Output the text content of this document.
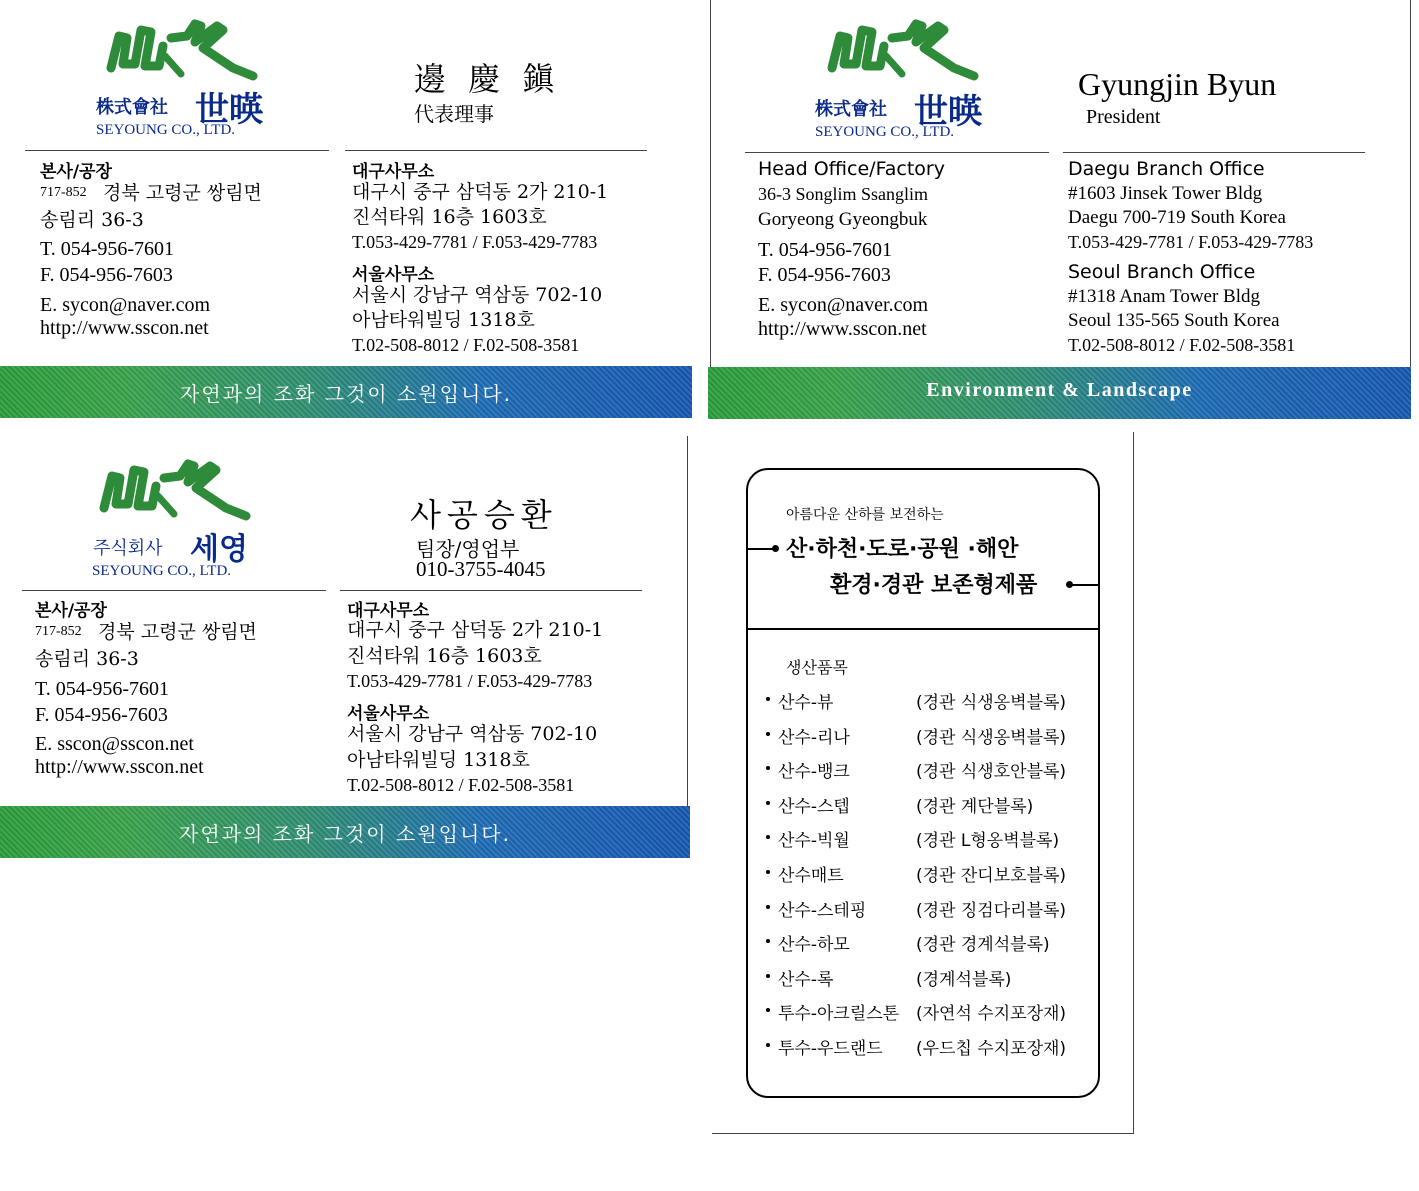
株式會社 世暎
SEYOUNG CO., LTD.
邊 慶 鎭
代表理事
본사/공장
717-852 경북 고령군 쌍림면
송림리 36-3
T. 054-956-7601
F. 054-956-7603
E. sycon@naver.com
http://www.sscon.net
대구사무소
대구시 중구 삼덕동 2가 210-1
진석타워 16층 1603호
T.053-429-7781 / F.053-429-7783
서울사무소
서울시 강남구 역삼동 702-10
아남타워빌딩 1318호
T.02-508-8012 / F.02-508-3581
자연과의 조화 그것이 소원입니다.
株式會社 世暎
SEYOUNG CO., LTD.
Gyungjin Byun
President
Head Office/Factory
36-3 Songlim Ssanglim
Goryeong Gyeongbuk
T. 054-956-7601
F. 054-956-7603
E. sycon@naver.com
http://www.sscon.net
Daegu Branch Office
#1603 Jinsek Tower Bldg
Daegu 700-719 South Korea
T.053-429-7781 / F.053-429-7783
Seoul Branch Office
#1318 Anam Tower Bldg
Seoul 135-565 South Korea
T.02-508-8012 / F.02-508-3581
Environment & Landscape
주식회사 세영
SEYOUNG CO., LTD.
사공승환
팀장/영업부
010-3755-4045
본사/공장
717-852 경북 고령군 쌍림면
송림리 36-3
T. 054-956-7601
F. 054-956-7603
E. sscon@sscon.net
http://www.sscon.net
대구사무소
대구시 중구 삼덕동 2가 210-1
진석타워 16층 1603호
T.053-429-7781 / F.053-429-7783
서울사무소
서울시 강남구 역삼동 702-10
아남타워빌딩 1318호
T.02-508-8012 / F.02-508-3581
자연과의 조화 그것이 소원입니다.
아름다운 산하를 보전하는
산·하천·도로·공원 ·해안
환경·경관 보존형제품
생산품목
산수-뷰	(경관 식생옹벽블록)
산수-리나	(경관 식생옹벽블록)
산수-뱅크	(경관 식생호안블록)
산수-스텝	(경관 계단블록)
산수-빅월	(경관 L형옹벽블록)
산수매트	(경관 잔디보호블록)
산수-스테핑	(경관 징검다리블록)
산수-하모	(경관 경계석블록)
산수-록	(경계석블록)
투수-아크릴스톤 (자연석 수지포장재)
투수-우드랜드 (우드칩 수지포장재)
